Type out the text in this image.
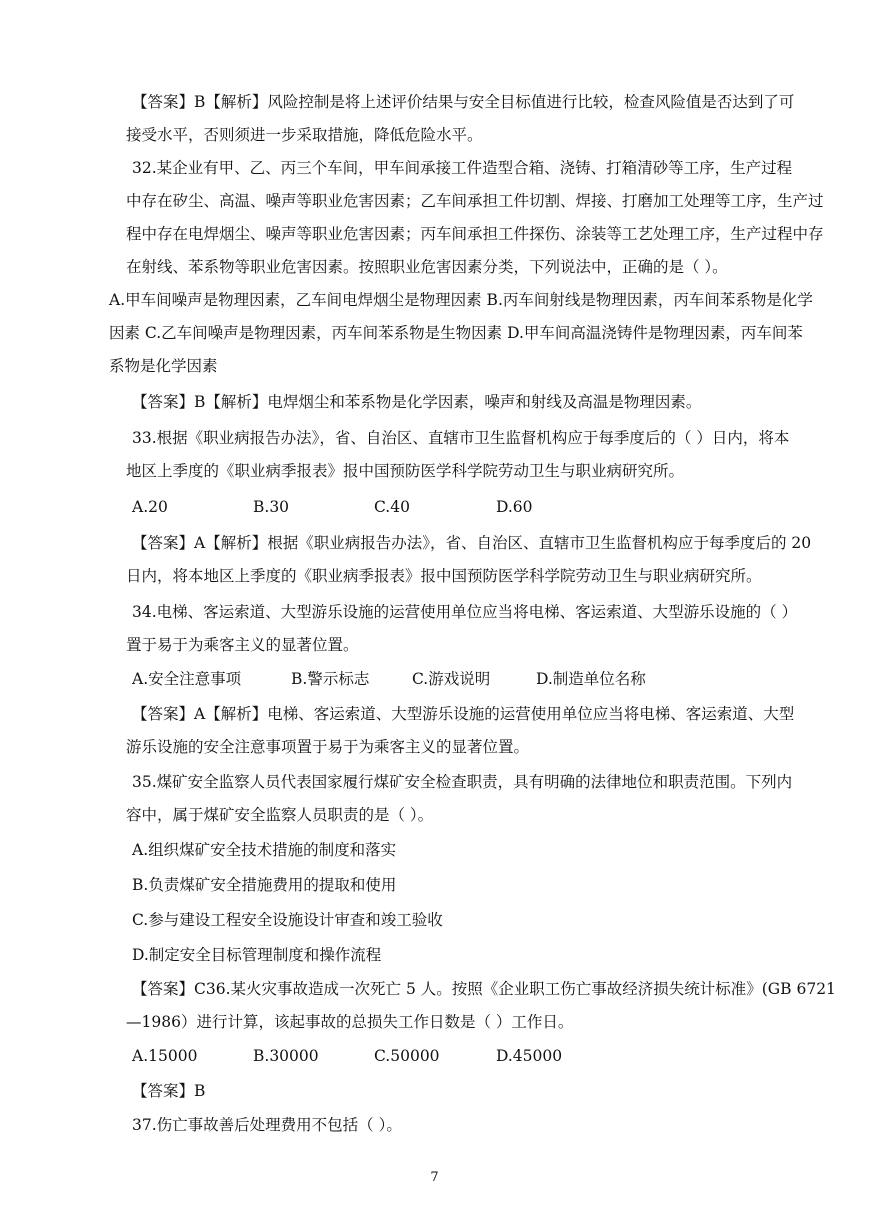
【答案】B【解析】风险控制是将上述评价结果与安全目标值进行比较，检查风险值是否达到了可
接受水平，否则须进一步采取措施，降低危险水平。
32.某企业有甲、乙、丙三个车间，甲车间承接工件造型合箱、浇铸、打箱清砂等工序，生产过程
中存在矽尘、高温、噪声等职业危害因素；乙车间承担工件切割、焊接、打磨加工处理等工序，生产过
程中存在电焊烟尘、噪声等职业危害因素；丙车间承担工件探伤、涂装等工艺处理工序，生产过程中存
在射线、苯系物等职业危害因素。按照职业危害因素分类，下列说法中，正确的是（ ）。
A.甲车间噪声是物理因素，乙车间电焊烟尘是物理因素 B.丙车间射线是物理因素，丙车间苯系物是化学
因素 C.乙车间噪声是物理因素，丙车间苯系物是生物因素 D.甲车间高温浇铸件是物理因素，丙车间苯
系物是化学因素
【答案】B【解析】电焊烟尘和苯系物是化学因素，噪声和射线及高温是物理因素。
33.根据《职业病报告办法》，省、自治区、直辖市卫生监督机构应于每季度后的（ ）日内，将本
地区上季度的《职业病季报表》报中国预防医学科学院劳动卫生与职业病研究所。
A.20	B.30	C.40	D.60
【答案】A【解析】根据《职业病报告办法》，省、自治区、直辖市卫生监督机构应于每季度后的 20
日内，将本地区上季度的《职业病季报表》报中国预防医学科学院劳动卫生与职业病研究所。
34.电梯、客运索道、大型游乐设施的运营使用单位应当将电梯、客运索道、大型游乐设施的（ ）
置于易于为乘客主义的显著位置。
A.安全注意事项	B.警示标志	C.游戏说明	D.制造单位名称
【答案】A【解析】电梯、客运索道、大型游乐设施的运营使用单位应当将电梯、客运索道、大型
游乐设施的安全注意事项置于易于为乘客主义的显著位置。
35.煤矿安全监察人员代表国家履行煤矿安全检查职责，具有明确的法律地位和职责范围。下列内
容中，属于煤矿安全监察人员职责的是（ ）。
A.组织煤矿安全技术措施的制度和落实
B.负责煤矿安全措施费用的提取和使用
C.参与建设工程安全设施设计审查和竣工验收
D.制定安全目标管理制度和操作流程
【答案】C36.某火灾事故造成一次死亡 5 人。按照《企业职工伤亡事故经济损失统计标准》(GB 6721
—1986）进行计算，该起事故的总损失工作日数是（ ）工作日。
A.15000	B.30000	C.50000	D.45000
【答案】B
37.伤亡事故善后处理费用不包括（ ）。
7
